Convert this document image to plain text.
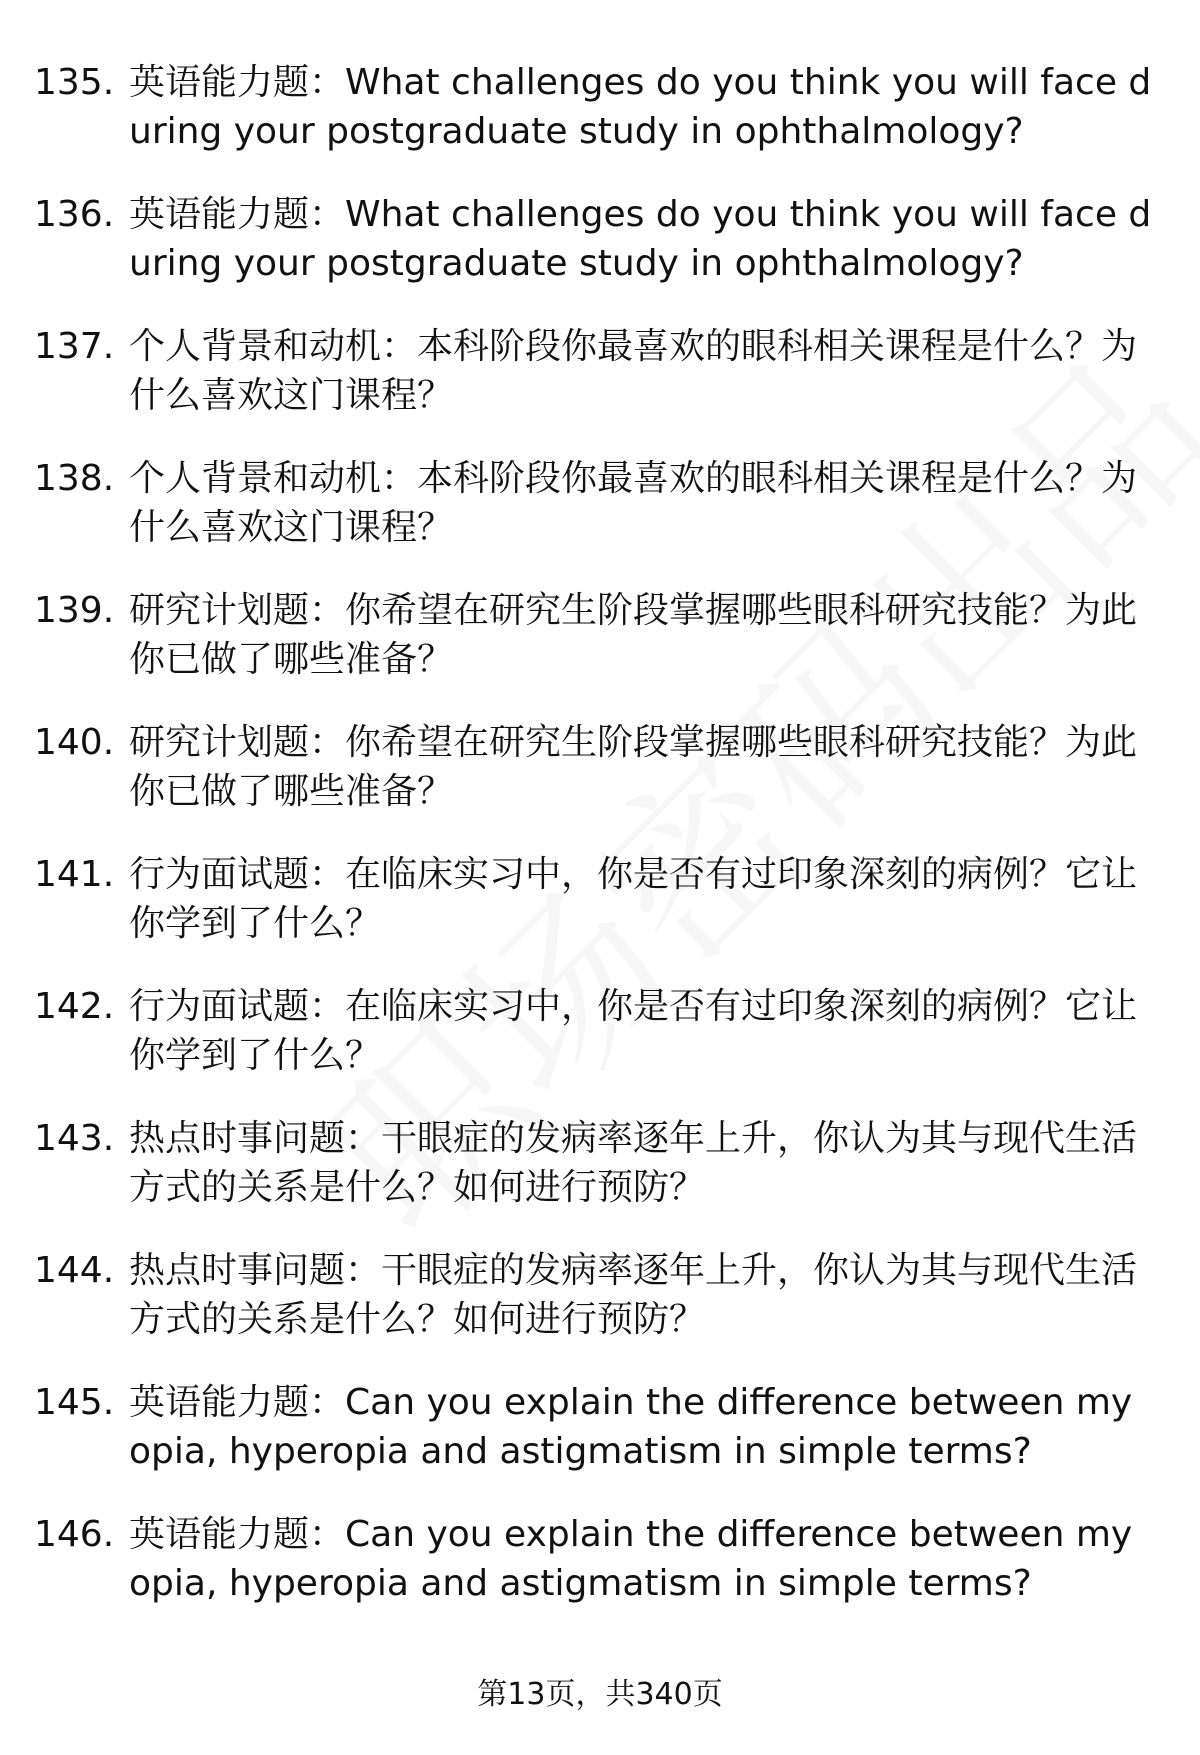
135. 英语能力题：What challenges do you think you will face during your postgraduate study in ophthalmology?
136. 英语能力题：What challenges do you think you will face during your postgraduate study in ophthalmology?
137. 个人背景和动机：本科阶段你最喜欢的眼科相关课程是什么？为什么喜欢这门课程？
138. 个人背景和动机：本科阶段你最喜欢的眼科相关课程是什么？为什么喜欢这门课程？
139. 研究计划题：你希望在研究生阶段掌握哪些眼科研究技能？为此你已做了哪些准备？
140. 研究计划题：你希望在研究生阶段掌握哪些眼科研究技能？为此你已做了哪些准备？
141. 行为面试题：在临床实习中，你是否有过印象深刻的病例？它让你学到了什么？
142. 行为面试题：在临床实习中，你是否有过印象深刻的病例？它让你学到了什么？
143. 热点时事问题：干眼症的发病率逐年上升，你认为其与现代生活方式的关系是什么？如何进行预防？
144. 热点时事问题：干眼症的发病率逐年上升，你认为其与现代生活方式的关系是什么？如何进行预防？
145. 英语能力题：Can you explain the difference between myopia, hyperopia and astigmatism in simple terms?
146. 英语能力题：Can you explain the difference between myopia, hyperopia and astigmatism in simple terms?
第13页，共340页
